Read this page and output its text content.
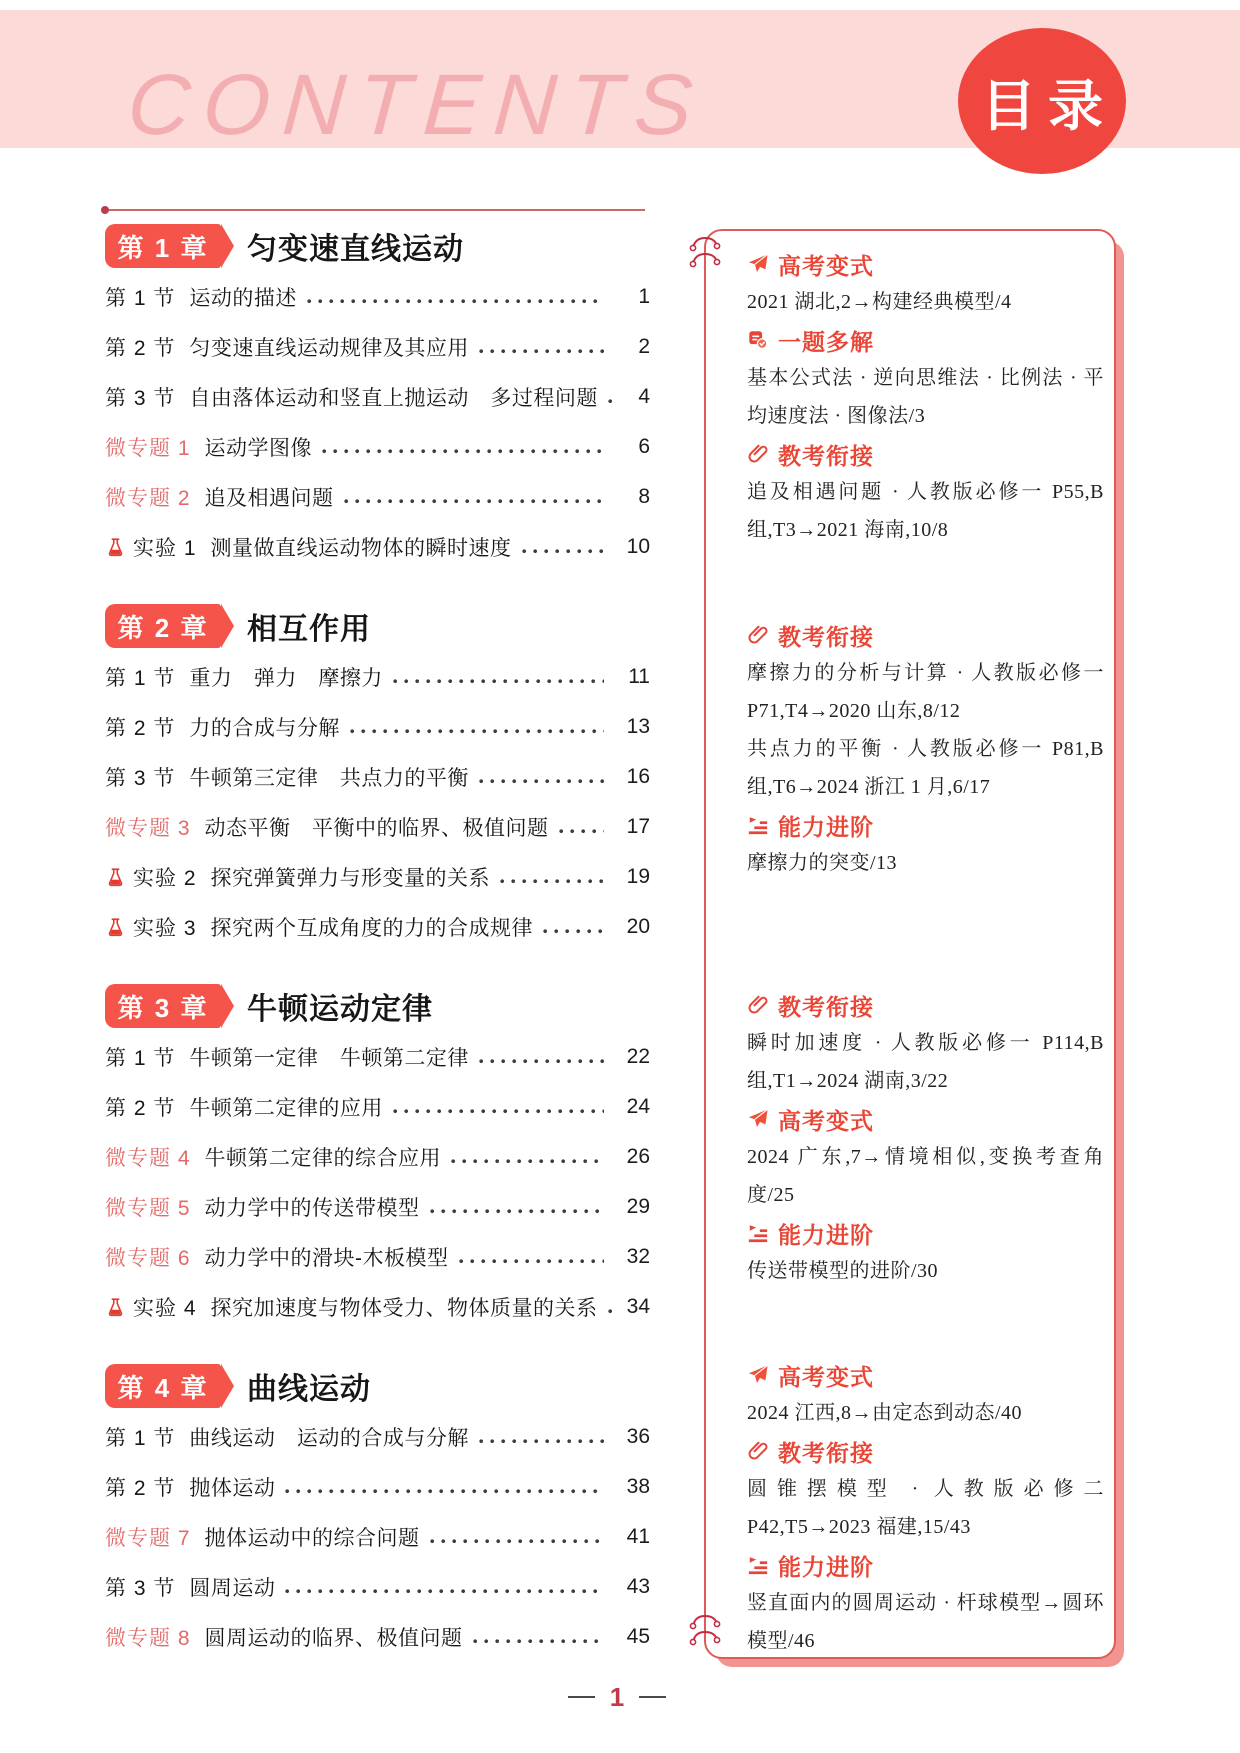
CONTENTS	目录
第 1 章	匀变速直线运动
第 1 节 运动的描述	1
第 2 节 匀变速直线运动规律及其应用	2
第 3 节 自由落体运动和竖直上抛运动　多过程问题	4
微专题 1 运动学图像	6
微专题 2 追及相遇问题	8
实验 1 测量做直线运动物体的瞬时速度	10
第 2 章	相互作用
第 1 节 重力　弹力　摩擦力	11
第 2 节 力的合成与分解	13
第 3 节 牛顿第三定律　共点力的平衡	16
微专题 3 动态平衡　平衡中的临界、极值问题	17
实验 2 探究弹簧弹力与形变量的关系	19
实验 3 探究两个互成角度的力的合成规律	20
第 3 章	牛顿运动定律
第 1 节 牛顿第一定律　牛顿第二定律	22
第 2 节 牛顿第二定律的应用	24
微专题 4 牛顿第二定律的综合应用	26
微专题 5 动力学中的传送带模型	29
微专题 6 动力学中的滑块-木板模型	32
实验 4 探究加速度与物体受力、物体质量的关系 34
第 4 章	曲线运动
第 1 节 曲线运动　运动的合成与分解	36
第 2 节 抛体运动	38
微专题 7 抛体运动中的综合问题	41
第 3 节 圆周运动	43
微专题 8 圆周运动的临界、极值问题	45
高考变式
2021 湖北,2→构建经典模型/4
一题多解
基本公式法 · 逆向思维法 · 比例法 · 平均速度法 · 图像法/3
教考衔接
追及相遇问题 · 人教版必修一 P55,B 组,T3→2021 海南,10/8
教考衔接
摩擦力的分析与计算 · 人教版必修一 P71,T4→2020 山东,8/12
共点力的平衡 · 人教版必修一 P81,B 组,T6→2024 浙江 1 月,6/17
能力进阶
摩擦力的突变/13
教考衔接
瞬时加速度 · 人教版必修一 P114,B 组,T1→2024 湖南,3/22
高考变式
2024 广东,7→情境相似,变换考查角度/25
能力进阶
传送带模型的进阶/30
高考变式
2024 江西,8→由定态到动态/40
教考衔接
圆锥摆模型 · 人教版必修二 P42,T5→2023 福建,15/43
能力进阶
竖直面内的圆周运动 · 杆球模型→圆环模型/46
1
